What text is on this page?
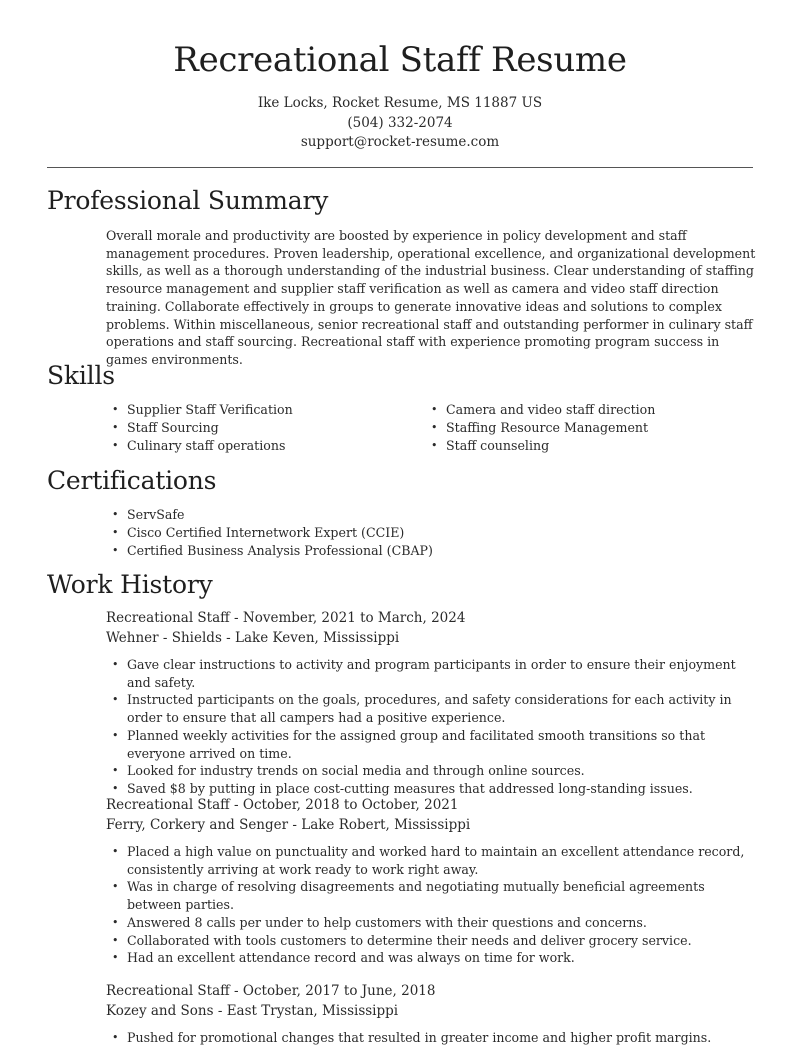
Recreational Staff Resume
Ike Locks, Rocket Resume, MS 11887 US
(504) 332-2074
support@rocket-resume.com
Professional Summary

Overall morale and productivity are boosted by experience in policy development and staff management procedures. Proven leadership, operational excellence, and organizational development skills, as well as a thorough understanding of the industrial business. Clear understanding of staffing resource management and supplier staff verification as well as camera and video staff direction training. Collaborate effectively in groups to generate innovative ideas and solutions to complex problems. Within miscellaneous, senior recreational staff and outstanding performer in culinary staff operations and staff sourcing. Recreational staff with experience promoting program success in games environments.

Skills
• Supplier Staff Verification
• Staff Sourcing
• Culinary staff operations
• Camera and video staff direction
• Staffing Resource Management
• Staff counseling
Certifications
• ServSafe
• Cisco Certified Internetwork Expert (CCIE)
• Certified Business Analysis Professional (CBAP)
Work History
Recreational Staff - November, 2021 to March, 2024
Wehner - Shields - Lake Keven, Mississippi
• Gave clear instructions to activity and program participants in order to ensure their enjoyment and safety.
• Instructed participants on the goals, procedures, and safety considerations for each activity in order to ensure that all campers had a positive experience.
• Planned weekly activities for the assigned group and facilitated smooth transitions so that everyone arrived on time.
• Looked for industry trends on social media and through online sources.
• Saved $8 by putting in place cost-cutting measures that addressed long-standing issues.
Recreational Staff - October, 2018 to October, 2021
Ferry, Corkery and Senger - Lake Robert, Mississippi
• Placed a high value on punctuality and worked hard to maintain an excellent attendance record, consistently arriving at work ready to work right away.
• Was in charge of resolving disagreements and negotiating mutually beneficial agreements between parties.
• Answered 8 calls per under to help customers with their questions and concerns.
• Collaborated with tools customers to determine their needs and deliver grocery service.
• Had an excellent attendance record and was always on time for work.
Recreational Staff - October, 2017 to June, 2018
Kozey and Sons - East Trystan, Mississippi
• Pushed for promotional changes that resulted in greater income and higher profit margins.
